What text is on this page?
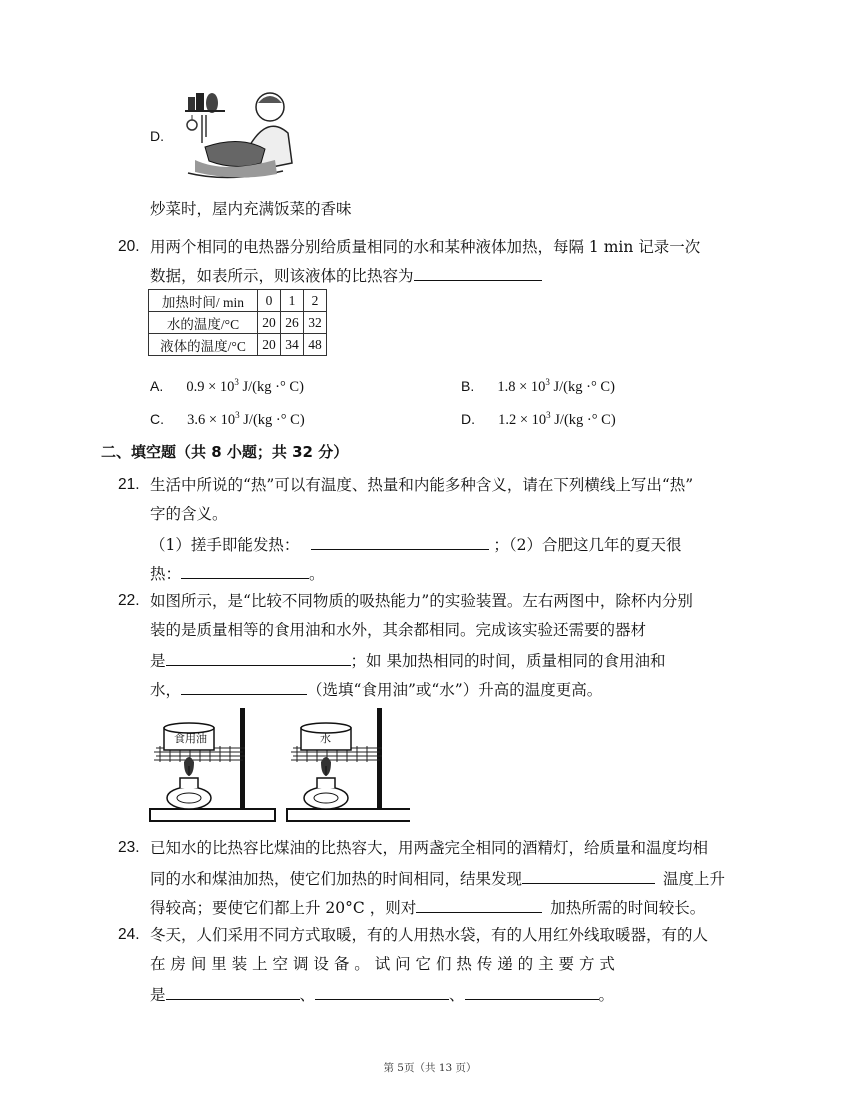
D.
炒菜时，屋内充满饭菜的香味
20. 用两个相同的电热器分别给质量相同的水和某种液体加热，每隔 1 min 记录一次
数据，如表所示，则该液体的比热容为
加热时间/ min	0	1	2
水的温度/°C	20	26	32
液体的温度/°C	20	34	48
A. $0.9 \times 10^3$ J/(kg ·° C)	B. $1.8 \times 10^3$ J/(kg ·° C)
C. $3.6 \times 10^3$ J/(kg ·° C)	D. $1.2 \times 10^3$ J/(kg ·° C)
二、填空题（共 8 小题；共 32 分）
21. 生活中所说的“热”可以有温度、热量和内能多种含义，请在下列横线上写出“热”
字的含义。
（1）搓手即能发热：	；（2）合肥这几年的夏天很
热：	。
22. 如图所示，是“比较不同物质的吸热能力”的实验装置。左右两图中，除杯内分别
装的是质量相等的食用油和水外，其余都相同。完成该实验还需要的器材
是	；如 果加热相同的时间，质量相同的食用油和
水，	（选填“食用油”或“水”）升高的温度更高。
食用油	水
23. 已知水的比热容比煤油的比热容大，用两盏完全相同的酒精灯，给质量和温度均相
同的水和煤油加热，使它们加热的时间相同，结果发现	温度上升
得较高；要使它们都上升 20°C ，则对	加热所需的时间较长。
24. 冬天，人们采用不同方式取暖，有的人用热水袋，有的人用红外线取暖器，有的人
在 房 间 里 装 上 空 调 设 备 。 试 问 它 们 热 传 递 的 主 要 方 式
是	、	、	。
第 5页（共 13 页）
